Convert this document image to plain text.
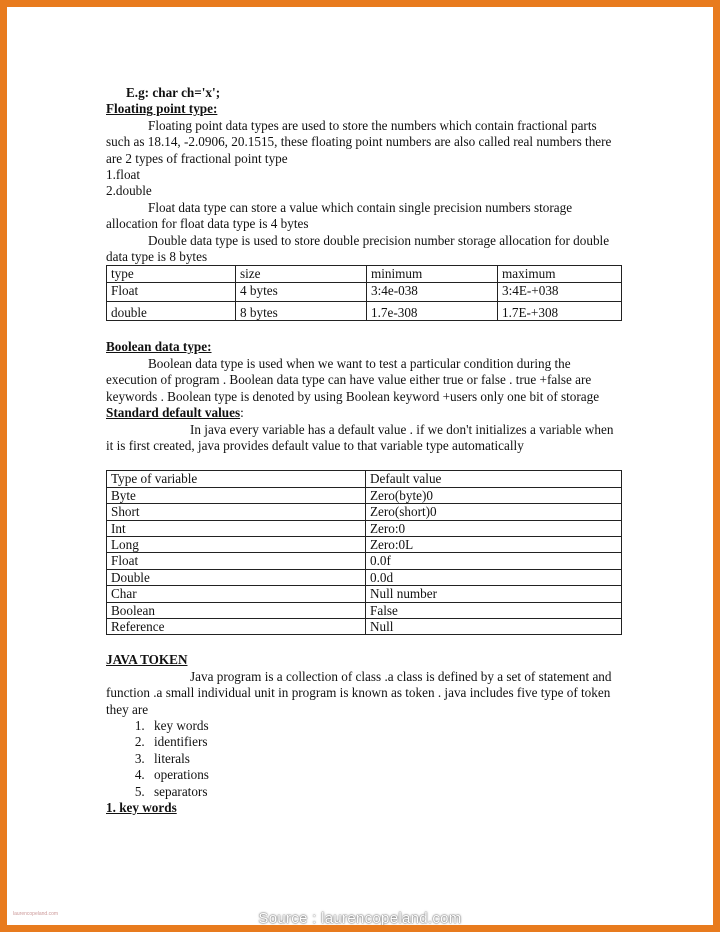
E.g: char ch='x';

Floating point type:

Floating point data types are used to store the numbers which contain fractional parts such as 18.14, -2.0906, 20.1515, these floating point numbers are also called real numbers there are 2 types of fractional point type

1.float

2.double

Float data type can store a value which contain single precision numbers storage allocation for float data type is 4 bytes

Double data type is used to store double precision number storage allocation for double data type is 8 bytes

type	size	minimum	maximum
Float	4 bytes	3:4e-038	3:4E-+038
double	8 bytes	1.7e-308	1.7E-+308

Boolean data type:

Boolean data type is used when we want to test a particular condition during the execution of program . Boolean data type can have value either true or false . true +false are keywords . Boolean type is denoted by using Boolean keyword +users only one bit of storage

Standard default values:

In java every variable has a default value . if we don't initializes a variable when it is first created, java provides default value to that variable type automatically

Type of variable	Default value
Byte	Zero(byte)0
Short	Zero(short)0
Int	Zero:0
Long	Zero:0L
Float	0.0f
Double	0.0d
Char	Null number
Boolean	False
Reference	Null

JAVA TOKEN

Java program is a collection of class .a class is defined by a set of statement and function .a small individual unit in program is known as token . java includes five type of token they are

1. key words
2. identifiers
3. literals
4. operations
5. separators

1. key words

laurencopeland.com	Source : laurencopeland.com
